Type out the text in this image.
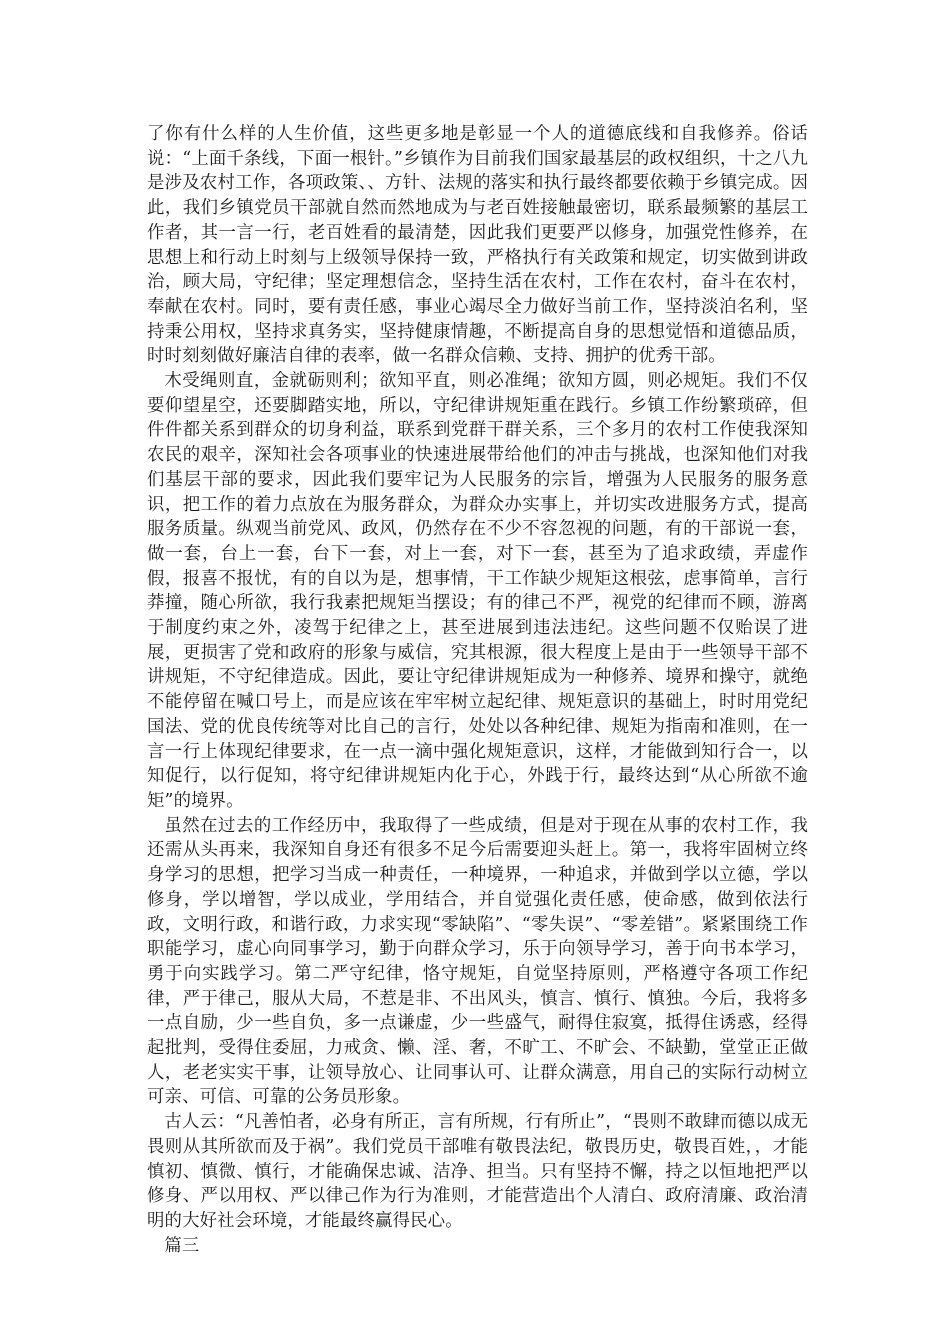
了你有什么样的人生价值，这些更多地是彰显一个人的道德底线和自我修养。俗话说：“上面千条线，下面一根针。”乡镇作为目前我们国家最基层的政权组织，十之八九是涉及农村工作，各项政策、、方针、法规的落实和执行最终都要依赖于乡镇完成。因此，我们乡镇党员干部就自然而然地成为与老百姓接触最密切，联系最频繁的基层工作者，其一言一行，老百姓看的最清楚，因此我们更要严以修身，加强党性修养，在思想上和行动上时刻与上级领导保持一致，严格执行有关政策和规定，切实做到讲政治，顾大局，守纪律；坚定理想信念，坚持生活在农村，工作在农村，奋斗在农村，奉献在农村。同时，要有责任感，事业心竭尽全力做好当前工作，坚持淡泊名利，坚持秉公用权，坚持求真务实，坚持健康情趣，不断提高自身的思想觉悟和道德品质，时时刻刻做好廉洁自律的表率，做一名群众信赖、支持、拥护的优秀干部。

木受绳则直，金就砺则利；欲知平直，则必准绳；欲知方圆，则必规矩。我们不仅要仰望星空，还要脚踏实地，所以，守纪律讲规矩重在践行。乡镇工作纷繁琐碎，但件件都关系到群众的切身利益，联系到党群干群关系，三个多月的农村工作使我深知农民的艰辛，深知社会各项事业的快速进展带给他们的冲击与挑战，也深知他们对我们基层干部的要求，因此我们要牢记为人民服务的宗旨，增强为人民服务的服务意识，把工作的着力点放在为服务群众，为群众办实事上，并切实改进服务方式，提高服务质量。纵观当前党风、政风，仍然存在不少不容忽视的问题，有的干部说一套，做一套，台上一套，台下一套，对上一套，对下一套，甚至为了追求政绩，弄虚作假，报喜不报忧，有的自以为是，想事情，干工作缺少规矩这根弦，虑事简单，言行莽撞，随心所欲，我行我素把规矩当摆设；有的律己不严，视党的纪律而不顾，游离于制度约束之外，凌驾于纪律之上，甚至进展到违法违纪。这些问题不仅贻误了进展，更损害了党和政府的形象与威信，究其根源，很大程度上是由于一些领导干部不讲规矩，不守纪律造成。因此，要让守纪律讲规矩成为一种修养、境界和操守，就绝不能停留在喊口号上，而是应该在牢牢树立起纪律、规矩意识的基础上，时时用党纪国法、党的优良传统等对比自己的言行，处处以各种纪律、规矩为指南和准则，在一言一行上体现纪律要求，在一点一滴中强化规矩意识，这样，才能做到知行合一，以知促行，以行促知，将守纪律讲规矩内化于心，外践于行，最终达到“从心所欲不逾矩”的境界。

虽然在过去的工作经历中，我取得了一些成绩，但是对于现在从事的农村工作，我还需从头再来，我深知自身还有很多不足今后需要迎头赶上。第一，我将牢固树立终身学习的思想，把学习当成一种责任，一种境界，一种追求，并做到学以立德，学以修身，学以增智，学以成业，学用结合，并自觉强化责任感，使命感，做到依法行政，文明行政，和谐行政，力求实现“零缺陷”、“零失误”、“零差错”。紧紧围绕工作职能学习，虚心向同事学习，勤于向群众学习，乐于向领导学习，善于向书本学习，勇于向实践学习。第二严守纪律，恪守规矩，自觉坚持原则，严格遵守各项工作纪律，严于律己，服从大局，不惹是非、不出风头，慎言、慎行、慎独。今后，我将多一点自励，少一些自负，多一点谦虚，少一些盛气，耐得住寂寞，抵得住诱惑，经得起批判，受得住委屈，力戒贪、懒、淫、奢，不旷工、不旷会、不缺勤，堂堂正正做人，老老实实干事，让领导放心、让同事认可、让群众满意，用自己的实际行动树立可亲、可信、可靠的公务员形象。

古人云：“凡善怕者，必身有所正，言有所规，行有所止”，“畏则不敢肆而德以成无畏则从其所欲而及于祸”。我们党员干部唯有敬畏法纪，敬畏历史，敬畏百姓，，才能慎初、慎微、慎行，才能确保忠诚、洁净、担当。只有坚持不懈，持之以恒地把严以修身、严以用权、严以律己作为行为准则，才能营造出个人清白、政府清廉、政治清明的大好社会环境，才能最终赢得民心。

篇三
